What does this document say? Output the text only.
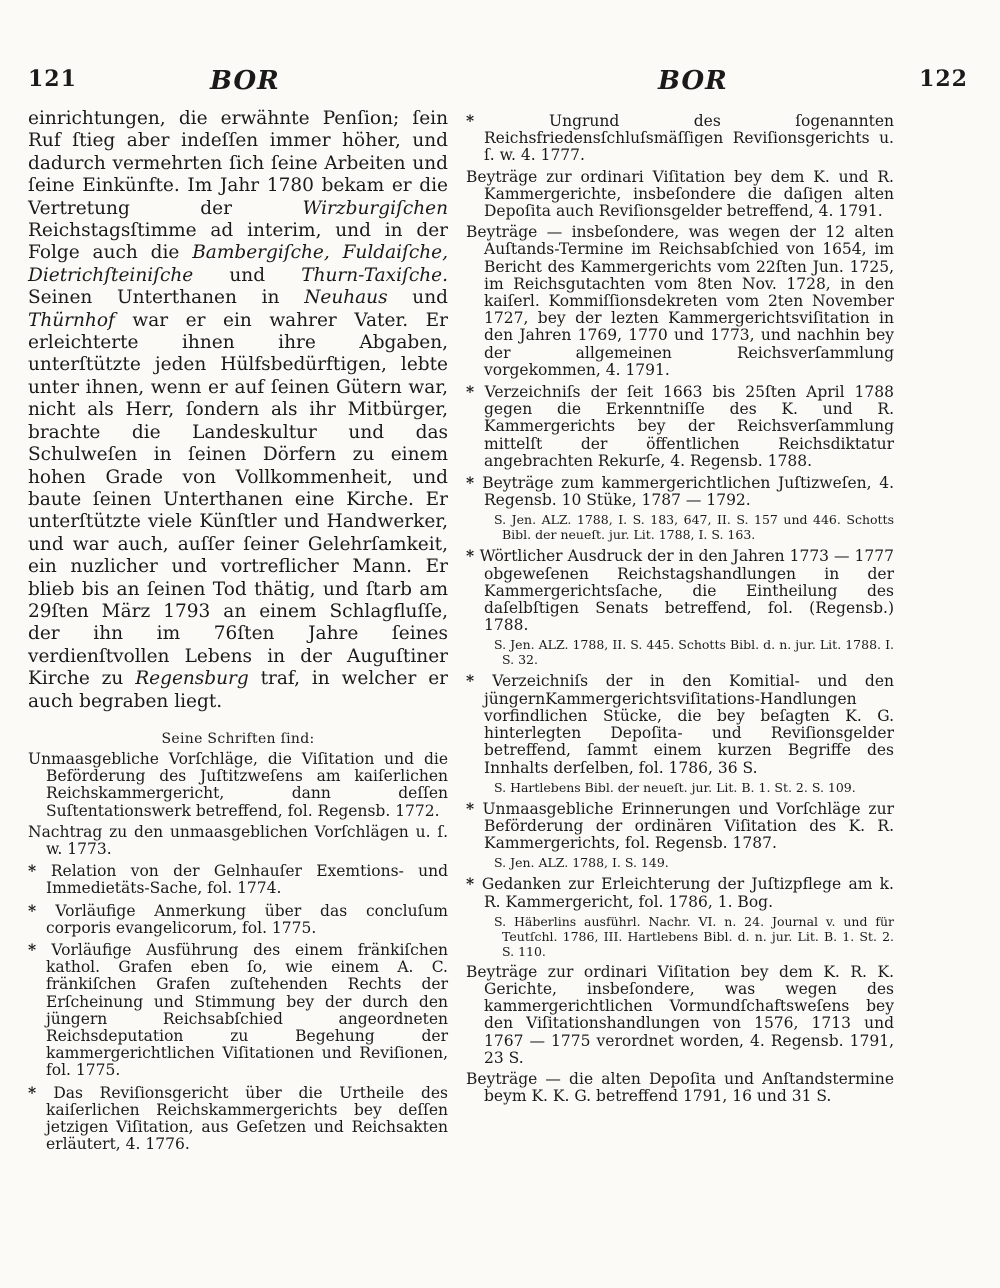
121	BOR	BOR	122

einrichtungen, die erwähnte Penſion; ſein Ruf ſtieg aber indeſſen immer höher, und dadurch vermehrten ſich ſeine Arbeiten und ſeine Einkünfte. Im Jahr 1780 bekam er die Vertretung der Wirzburgiſchen Reichstagsſtimme ad interim, und in der Folge auch die Bambergiſche, Fuldaiſche, Dietrichſteiniſche und Thurn-Taxiſche. Seinen Unterthanen in Neuhaus und Thürnhof war er ein wahrer Vater. Er erleichterte ihnen ihre Abgaben, unterſtützte jeden Hülfsbedürftigen, lebte unter ihnen, wenn er auf ſeinen Gütern war, nicht als Herr, ſondern als ihr Mitbürger, brachte die Landeskultur und das Schulweſen in ſeinen Dörfern zu einem hohen Grade von Vollkommenheit, und baute ſeinen Unterthanen eine Kirche. Er unterſtützte viele Künſtler und Handwerker, und war auch, auſſer ſeiner Gelehrſamkeit, ein nuzlicher und vortreflicher Mann. Er blieb bis an ſeinen Tod thätig, und ſtarb am 29ſten März 1793 an einem Schlagfluſſe, der ihn im 76ſten Jahre ſeines verdienſtvollen Lebens in der Auguſtiner Kirche zu Regensburg traf, in welcher er auch begraben liegt.

Seine Schriften ſind:

Unmaasgebliche Vorſchläge, die Viſitation und die Beförderung des Juſtitzweſens am kaiſerlichen Reichskammergericht, dann deſſen Suſtentationswerk betreffend, fol. Regensb. 1772.

Nachtrag zu den unmaasgeblichen Vorſchlägen u. ſ. w. 1773.

* Relation von der Gelnhauſer Exemtions- und Immedietäts-Sache, fol. 1774.

* Vorläufige Anmerkung über das concluſum corporis evangelicorum, fol. 1775.

* Vorläufige Ausführung des einem fränkiſchen kathol. Grafen eben ſo, wie einem A. C. fränkiſchen Grafen zuſtehenden Rechts der Erſcheinung und Stimmung bey der durch den jüngern Reichsabſchied angeordneten Reichsdeputation zu Begehung der kammergerichtlichen Viſitationen und Reviſionen, fol. 1775.

* Das Reviſionsgericht über die Urtheile des kaiſerlichen Reichskammergerichts bey deſſen jetzigen Viſitation, aus Geſetzen und Reichsakten erläutert, 4. 1776.

* Ungrund des ſogenannten Reichsfriedensſchluſsmäſſigen Reviſionsgerichts u. ſ. w. 4. 1777.

Beyträge zur ordinari Viſitation bey dem K. und R. Kammergerichte, insbeſondere die daſigen alten Depoſita auch Reviſionsgelder betreffend, 4. 1791.

Beyträge — insbeſondere, was wegen der 12 alten Auſtands-Termine im Reichsabſchied von 1654, im Bericht des Kammergerichts vom 22ſten Jun. 1725, im Reichsgutachten vom 8ten Nov. 1728, in den kaiſerl. Kommiſſionsdekreten vom 2ten November 1727, bey der lezten Kammergerichtsviſitation in den Jahren 1769, 1770 und 1773, und nachhin bey der allgemeinen Reichsverſammlung vorgekommen, 4. 1791.

* Verzeichniſs der ſeit 1663 bis 25ſten April 1788 gegen die Erkenntniſſe des K. und R. Kammergerichts bey der Reichsverſammlung mittelſt der öffentlichen Reichsdiktatur angebrachten Rekurſe, 4. Regensb. 1788.

* Beyträge zum kammergerichtlichen Juſtizweſen, 4. Regensb. 10 Stüke, 1787 — 1792.

S. Jen. ALZ. 1788, I. S. 183, 647, II. S. 157 und 446. Schotts Bibl. der neueſt. jur. Lit. 1788, I. S. 163.

* Wörtlicher Ausdruck der in den Jahren 1773 — 1777 obgeweſenen Reichstagshandlungen in der Kammergerichtsſache, die Eintheilung des daſelbſtigen Senats betreffend, fol. (Regensb.) 1788.

S. Jen. ALZ. 1788, II. S. 445. Schotts Bibl. d. n. jur. Lit. 1788. I. S. 32.

* Verzeichniſs der in den Komitial- und den jüngernKammergerichtsviſitations-Handlungen vorfindlichen Stücke, die bey beſagten K. G. hinterlegten Depoſita- und Reviſionsgelder betreffend, ſammt einem kurzen Begriffe des Innhalts derſelben, fol. 1786, 36 S.

S. Hartlebens Bibl. der neueſt. jur. Lit. B. 1. St. 2. S. 109.

* Unmaasgebliche Erinnerungen und Vorſchläge zur Beförderung der ordinären Viſitation des K. R. Kammergerichts, fol. Regensb. 1787.

S. Jen. ALZ. 1788, I. S. 149.

* Gedanken zur Erleichterung der Juſtizpflege am k. R. Kammergericht, fol. 1786, 1. Bog.

S. Häberlins ausführl. Nachr. VI. n. 24. Journal v. und für Teutſchl. 1786, III. Hartlebens Bibl. d. n. jur. Lit. B. 1. St. 2. S. 110.

Beyträge zur ordinari Viſitation bey dem K. R. K. Gerichte, insbeſondere, was wegen des kammergerichtlichen Vormundſchaftsweſens bey den Viſitationshandlungen von 1576, 1713 und 1767 — 1775 verordnet worden, 4. Regensb. 1791, 23 S.

Beyträge — die alten Depoſita und Anſtandstermine beym K. K. G. betreffend 1791, 16 und 31 S.
